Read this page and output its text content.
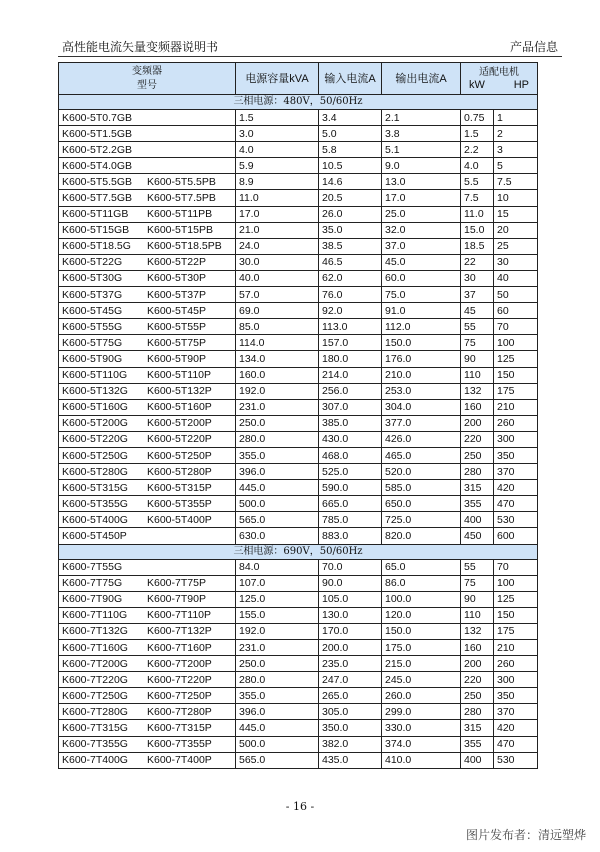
高性能电流矢量变频器说明书	产品信息
变频器
型号	电源容量kVA	输入电流A	输出电流A	适配电机
kW HP	

三相电源：480V，50/60Hz					
K600-5T0.7GB	1.5	3.4	2.1	0.75	1
K600-5T1.5GB	3.0	5.0	3.8	1.5	2
K600-5T2.2GB	4.0	5.8	5.1	2.2	3
K600-5T4.0GB	5.9	10.5	9.0	4.0	5
K600-5T5.5GB K600-5T5.5PB	8.9	14.6	13.0	5.5	7.5
K600-5T7.5GB K600-5T7.5PB	11.0	20.5	17.0	7.5	10
K600-5T11GB K600-5T11PB	17.0	26.0	25.0	11.0	15
K600-5T15GB K600-5T15PB	21.0	35.0	32.0	15.0	20
K600-5T18.5G K600-5T18.5PB	24.0	38.5	37.0	18.5	25
K600-5T22G K600-5T22P	30.0	46.5	45.0	22	30
K600-5T30G K600-5T30P	40.0	62.0	60.0	30	40
K600-5T37G K600-5T37P	57.0	76.0	75.0	37	50
K600-5T45G K600-5T45P	69.0	92.0	91.0	45	60
K600-5T55G K600-5T55P	85.0	113.0	112.0	55	70
K600-5T75G K600-5T75P	114.0	157.0	150.0	75	100
K600-5T90G K600-5T90P	134.0	180.0	176.0	90	125
K600-5T110G K600-5T110P	160.0	214.0	210.0	110	150
K600-5T132G K600-5T132P	192.0	256.0	253.0	132	175
K600-5T160G K600-5T160P	231.0	307.0	304.0	160	210
K600-5T200G K600-5T200P	250.0	385.0	377.0	200	260
K600-5T220G K600-5T220P	280.0	430.0	426.0	220	300
K600-5T250G K600-5T250P	355.0	468.0	465.0	250	350
K600-5T280G K600-5T280P	396.0	525.0	520.0	280	370
K600-5T315G K600-5T315P	445.0	590.0	585.0	315	420
K600-5T355G K600-5T355P	500.0	665.0	650.0	355	470
K600-5T400G K600-5T400P	565.0	785.0	725.0	400	530
K600-5T450P	630.0	883.0	820.0	450	600
三相电源：690V，50/60Hz					
K600-7T55G	84.0	70.0	65.0	55	70
K600-7T75G K600-7T75P	107.0	90.0	86.0	75	100
K600-7T90G K600-7T90P	125.0	105.0	100.0	90	125
K600-7T110G K600-7T110P	155.0	130.0	120.0	110	150
K600-7T132G K600-7T132P	192.0	170.0	150.0	132	175
K600-7T160G K600-7T160P	231.0	200.0	175.0	160	210
K600-7T200G K600-7T200P	250.0	235.0	215.0	200	260
K600-7T220G K600-7T220P	280.0	247.0	245.0	220	300
K600-7T250G K600-7T250P	355.0	265.0	260.0	250	350
K600-7T280G K600-7T280P	396.0	305.0	299.0	280	370
K600-7T315G K600-7T315P	445.0	350.0	330.0	315	420
K600-7T355G K600-7T355P	500.0	382.0	374.0	355	470
K600-7T400G K600-7T400P	565.0	435.0	410.0	400	530
- 16 -
图片发布者：清远塑烨
